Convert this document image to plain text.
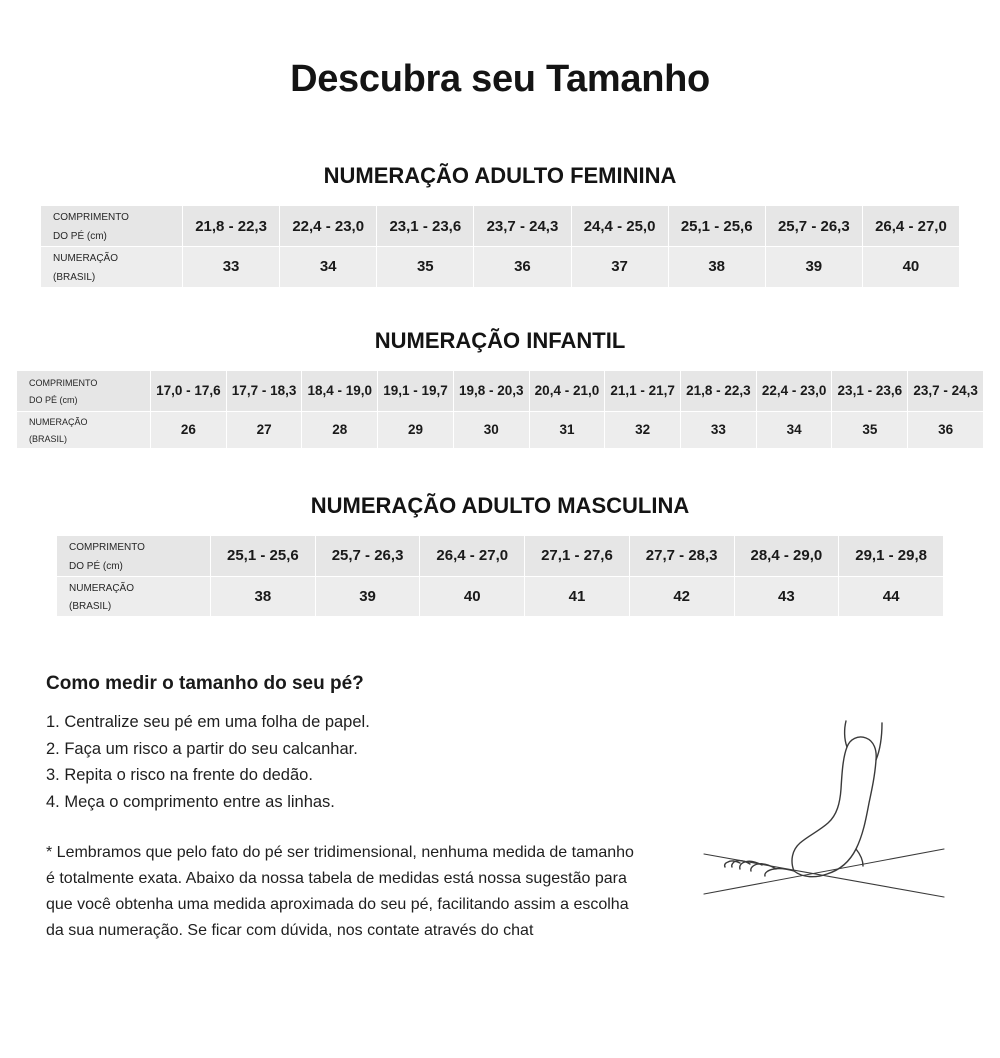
Descubra seu Tamanho
NUMERAÇÃO ADULTO FEMININA
COMPRIMENTO
DO PÉ (cm)	21,8 - 22,3	22,4 - 23,0	23,1 - 23,6	23,7 - 24,3	24,4 - 25,0	25,1 - 25,6	25,7 - 26,3	26,4 - 27,0
NUMERAÇÃO
(BRASIL)	33	34	35	36	37	38	39	40
NUMERAÇÃO INFANTIL
COMPRIMENTO
DO PÉ (cm)	17,0 - 17,6	17,7 - 18,3	18,4 - 19,0	19,1 - 19,7	19,8 - 20,3	20,4 - 21,0	21,1 - 21,7	21,8 - 22,3	22,4 - 23,0	23,1 - 23,6	23,7 - 24,3
NUMERAÇÃO
(BRASIL)	26	27	28	29	30	31	32	33	34	35	36
NUMERAÇÃO ADULTO MASCULINA
COMPRIMENTO
DO PÉ (cm)	25,1 - 25,6	25,7 - 26,3	26,4 - 27,0	27,1 - 27,6	27,7 - 28,3	28,4 - 29,0	29,1 - 29,8
NUMERAÇÃO
(BRASIL)	38	39	40	41	42	43	44
Como medir o tamanho do seu pé?
1. Centralize seu pé em uma folha de papel.
2. Faça um risco a partir do seu calcanhar.
3. Repita o risco na frente do dedão.
4. Meça o comprimento entre as linhas.

* Lembramos que pelo fato do pé ser tridimensional, nenhuma medida de tamanho é totalmente exata. Abaixo da nossa tabela de medidas está nossa sugestão para que você obtenha uma medida aproximada do seu pé, facilitando assim a escolha da sua numeração. Se ficar com dúvida, nos contate através do chat
